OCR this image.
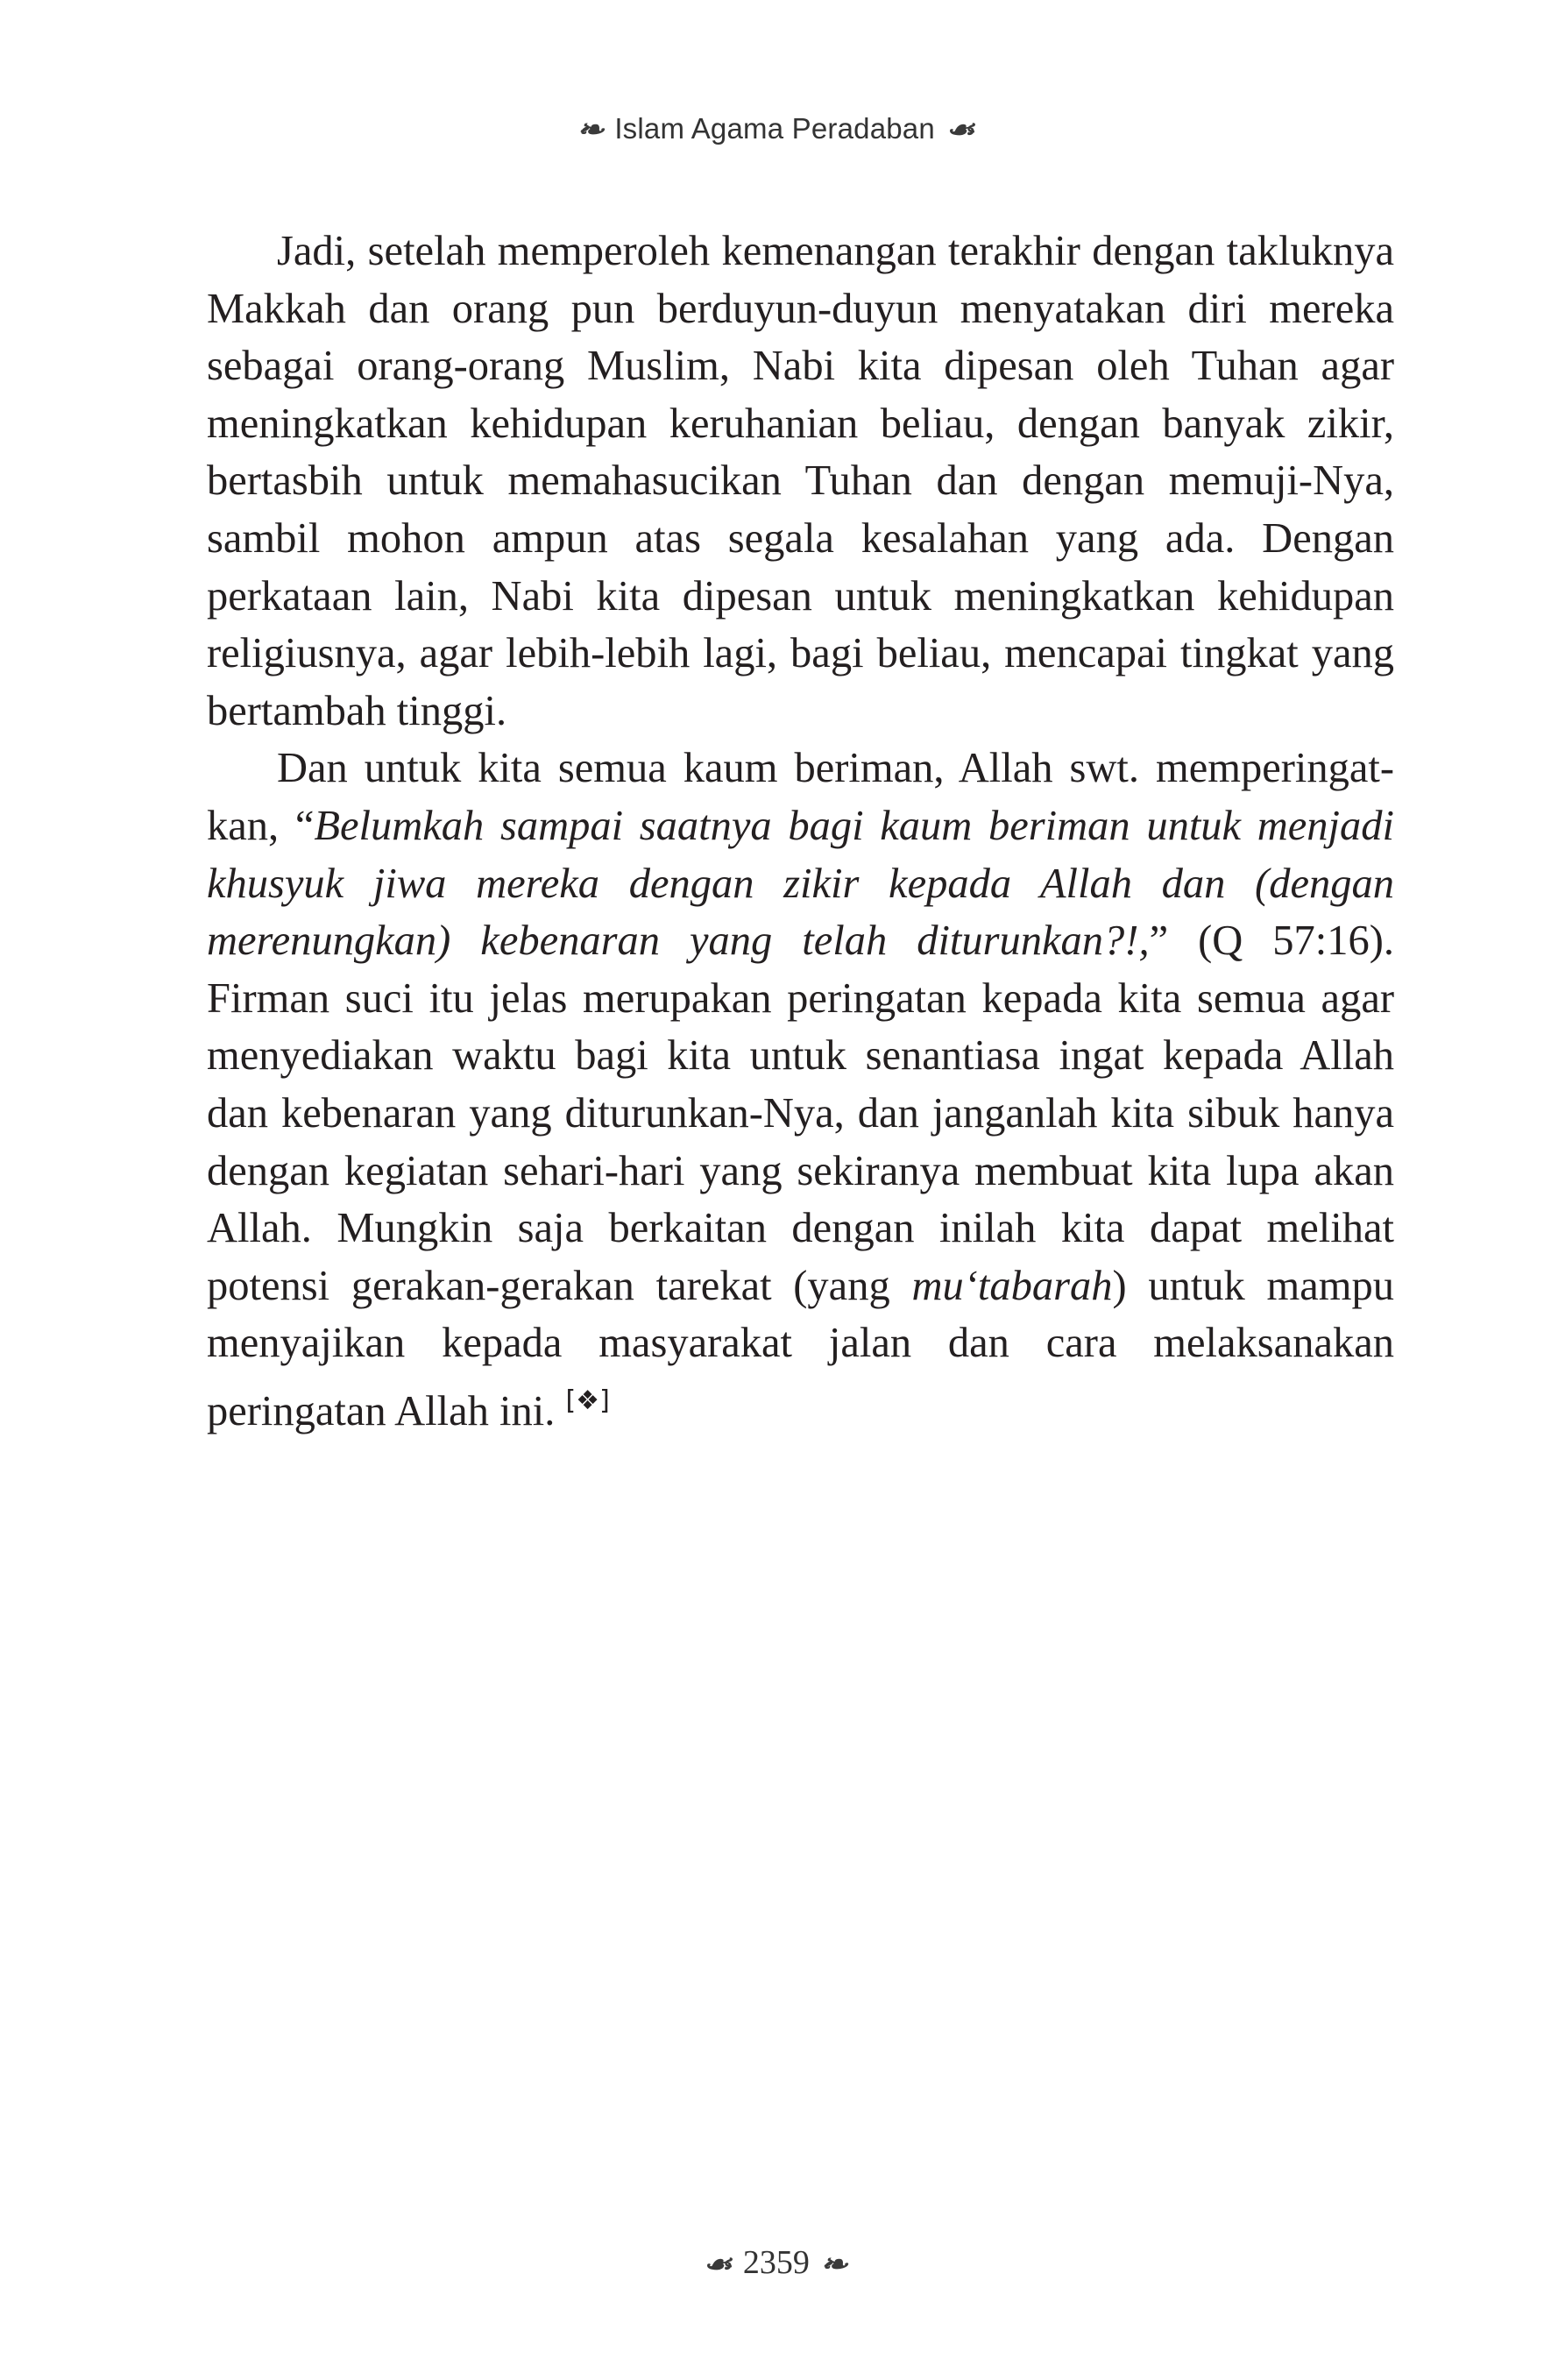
❧ Islam Agama Peradaban ☙

Jadi, setelah memperoleh kemenangan terakhir dengan takluknya Makkah dan orang pun berduyun-duyun menyatakan diri mereka sebagai orang-orang Muslim, Nabi kita dipesan oleh Tuhan agar meningkatkan kehidupan keruhanian beliau, dengan banyak zikir, bertasbih untuk memahasucikan Tuhan dan dengan memuji-Nya, sambil mohon ampun atas segala kesalahan yang ada. Dengan perkataan lain, Nabi kita dipesan untuk meningkatkan kehidupan religiusnya, agar lebih-lebih lagi, bagi beliau, mencapai tingkat yang bertambah tinggi.

Dan untuk kita semua kaum beriman, Allah swt. memperingatkan, “Belumkah sampai saatnya bagi kaum beriman untuk menjadi khusyuk jiwa mereka dengan zikir kepada Allah dan (dengan merenungkan) kebenaran yang telah diturunkan?!,” (Q 57:16). Firman suci itu jelas merupakan peringatan kepada kita semua agar menyediakan waktu bagi kita untuk senantiasa ingat kepada Allah dan kebenaran yang diturunkan-Nya, dan janganlah kita sibuk hanya dengan kegiatan sehari-hari yang sekiranya membuat kita lupa akan Allah. Mungkin saja berkaitan dengan inilah kita dapat melihat potensi gerakan-gerakan tarekat (yang mu‘tabarah) untuk mampu menyajikan kepada masyarakat jalan dan cara melaksanakan peringatan Allah ini. [❖]

☙ 2359 ❧
